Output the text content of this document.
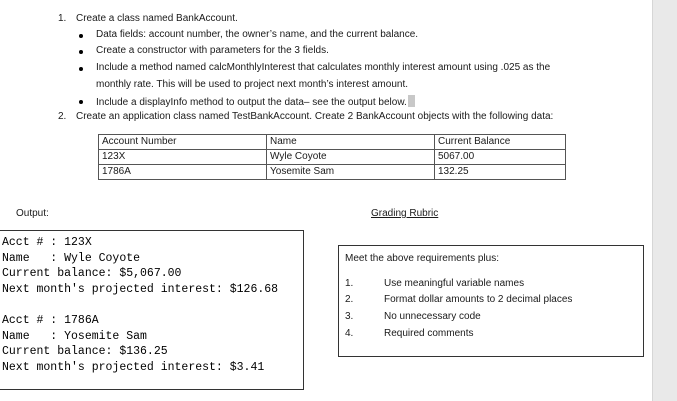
1. Create a class named BankAccount.
Data fields: account number, the owner’s name, and the current balance.
Create a constructor with parameters for the 3 fields.
Include a method named calcMonthlyInterest that calculates monthly interest amount using .025 as the
monthly rate. This will be used to project next month’s interest amount.
Include a displayInfo method to output the data– see the output below.
2. Create an application class named TestBankAccount. Create 2 BankAccount objects with the following data:
Account Number	Name	Current Balance
123X	Wyle Coyote	5067.00
1786A	Yosemite Sam	132.25
Output:	Grading Rubric
Acct # : 123X
Name   : Wyle Coyote
Current balance: $5,067.00
Next month's projected interest: $126.68
Acct # : 1786A
Name   : Yosemite Sam
Current balance: $136.25
Next month's projected interest: $3.41
Meet the above requirements plus:
1.	Use meaningful variable names
2.	Format dollar amounts to 2 decimal places
3.	No unnecessary code
4.	Required comments
